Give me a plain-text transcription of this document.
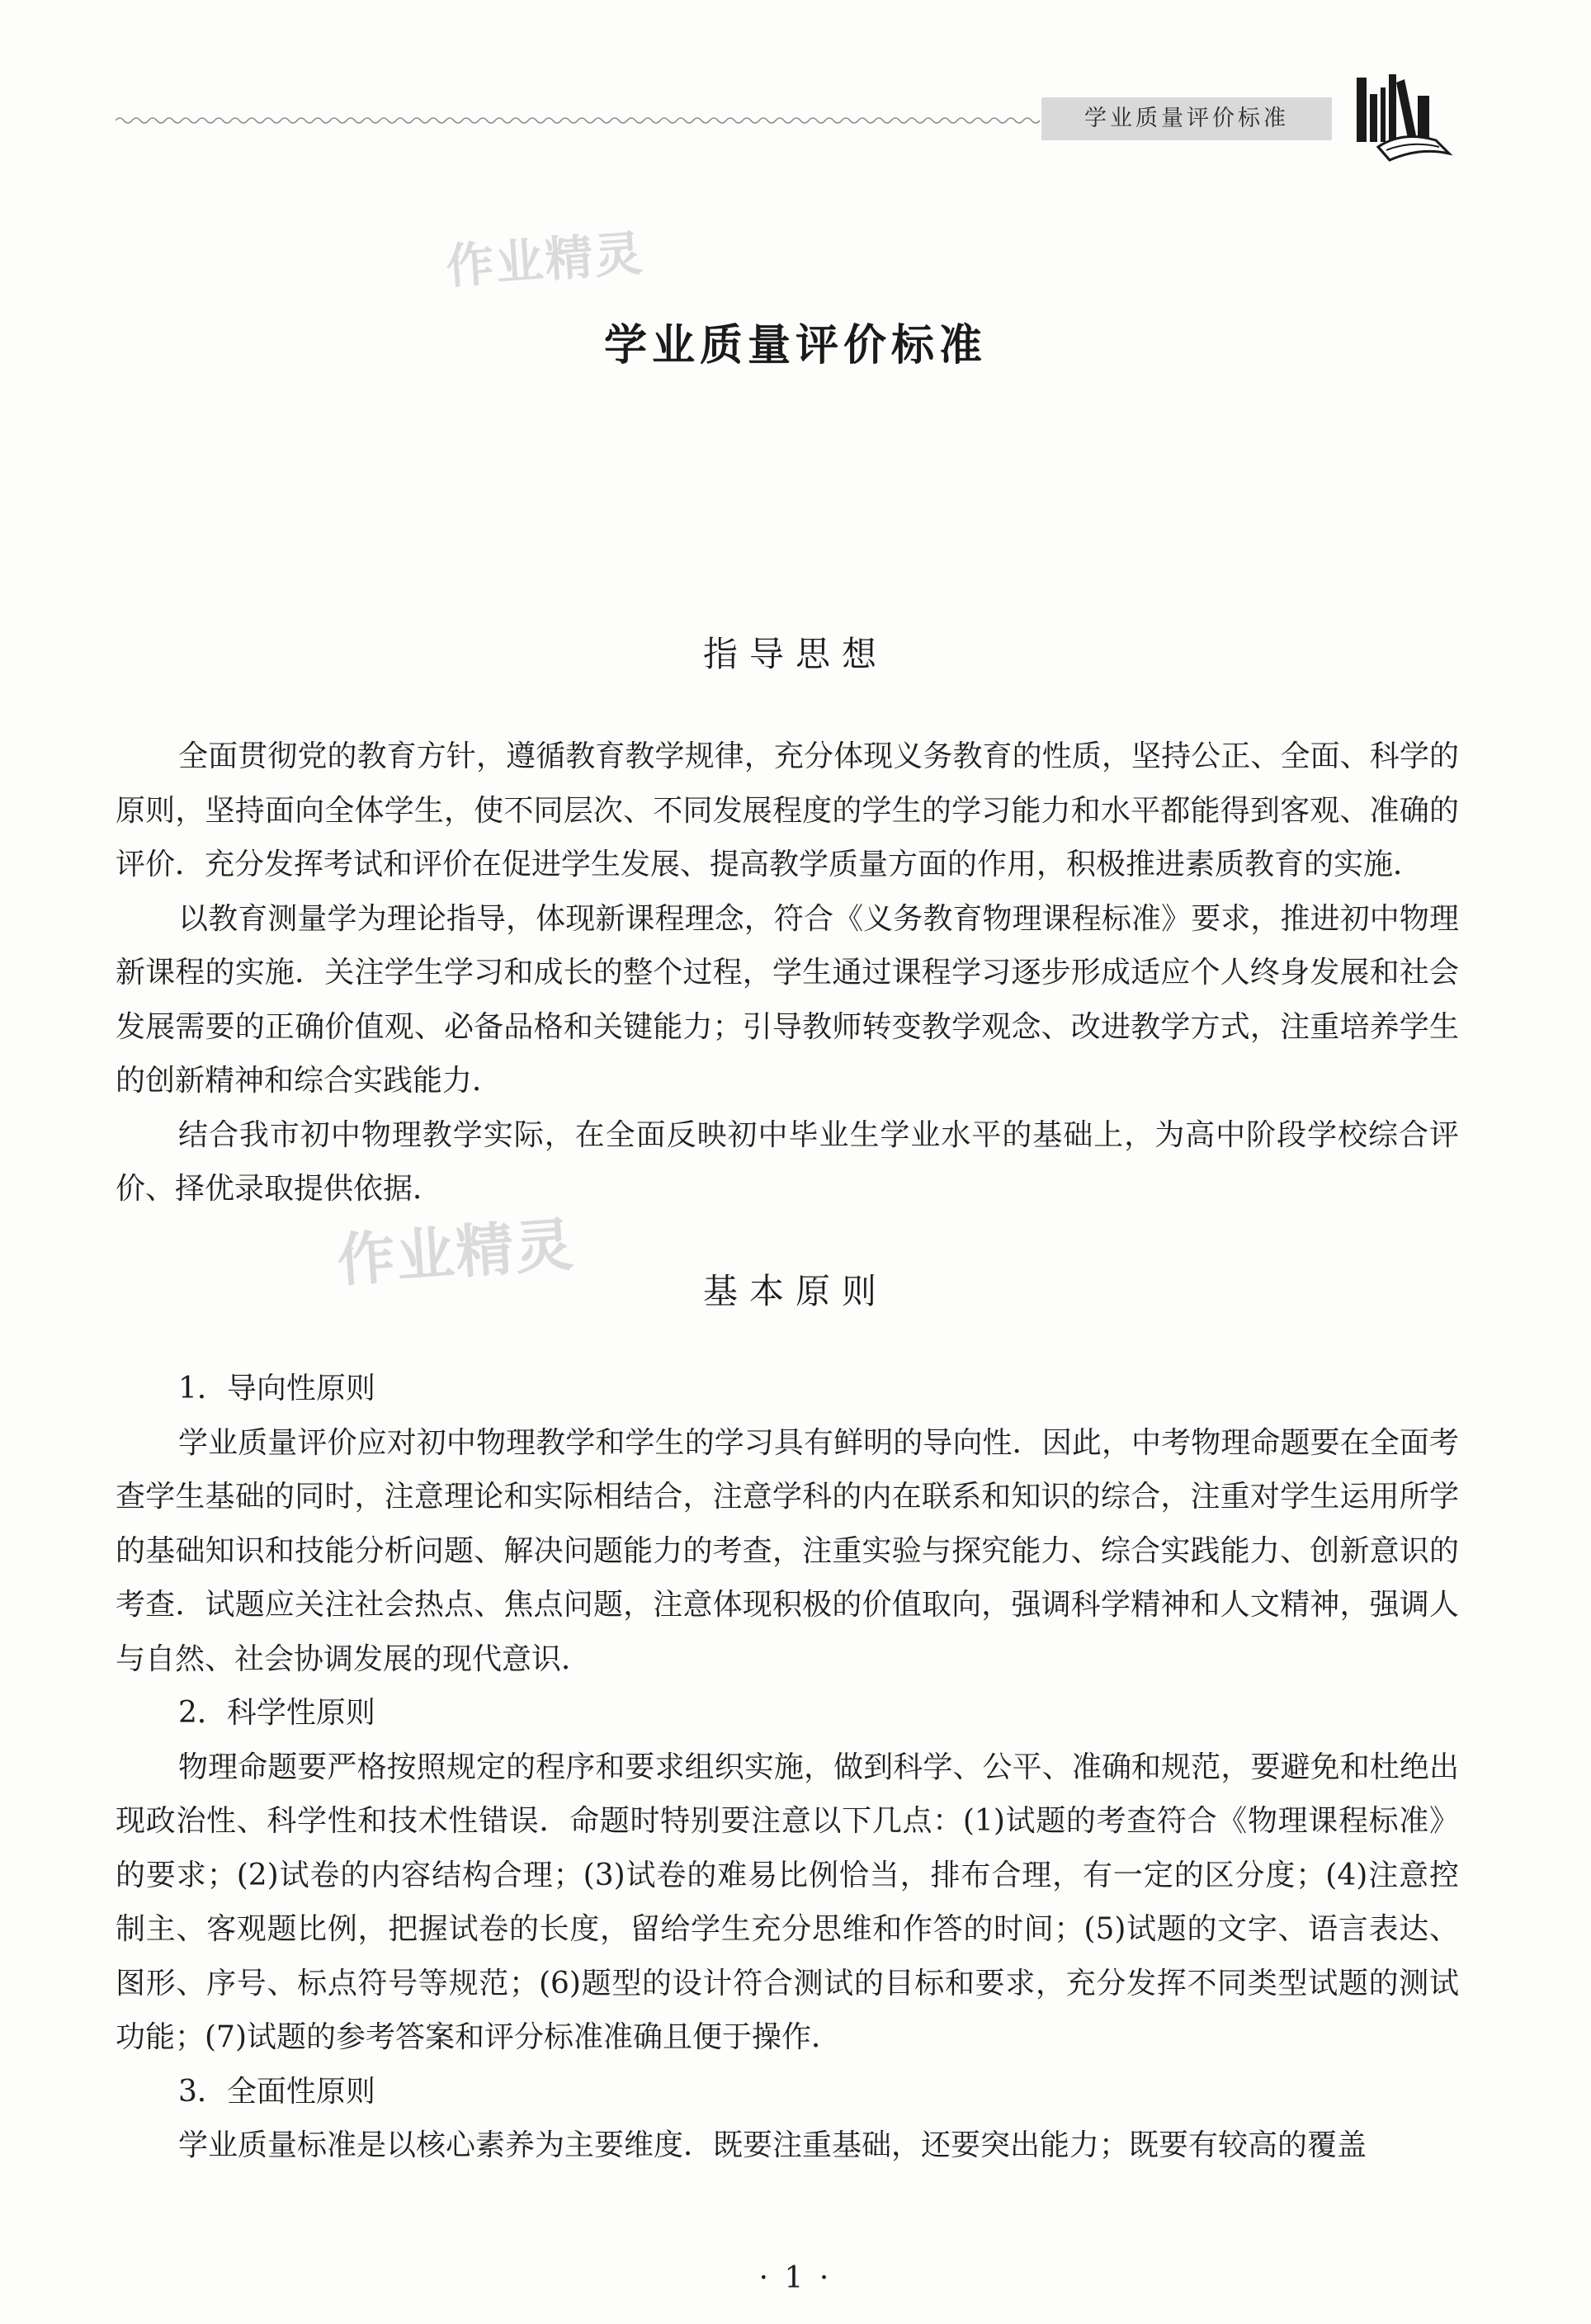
学业质量评价标准
作业精灵
作业精灵
学业质量评价标准
指导思想

全面贯彻党的教育方针，遵循教育教学规律，充分体现义务教育的性质，坚持公正、全面、科学的原则，坚持面向全体学生，使不同层次、不同发展程度的学生的学习能力和水平都能得到客观、准确的评价．充分发挥考试和评价在促进学生发展、提高教学质量方面的作用，积极推进素质教育的实施．

以教育测量学为理论指导，体现新课程理念，符合《义务教育物理课程标准》要求，推进初中物理新课程的实施．关注学生学习和成长的整个过程，学生通过课程学习逐步形成适应个人终身发展和社会发展需要的正确价值观、必备品格和关键能力；引导教师转变教学观念、改进教学方式，注重培养学生的创新精神和综合实践能力．

结合我市初中物理教学实际，在全面反映初中毕业生学业水平的基础上，为高中阶段学校综合评价、择优录取提供依据．

基本原则

1．导向性原则

学业质量评价应对初中物理教学和学生的学习具有鲜明的导向性．因此，中考物理命题要在全面考查学生基础的同时，注意理论和实际相结合，注意学科的内在联系和知识的综合，注重对学生运用所学的基础知识和技能分析问题、解决问题能力的考查，注重实验与探究能力、综合实践能力、创新意识的考查．试题应关注社会热点、焦点问题，注意体现积极的价值取向，强调科学精神和人文精神，强调人与自然、社会协调发展的现代意识．

2．科学性原则

物理命题要严格按照规定的程序和要求组织实施，做到科学、公平、准确和规范，要避免和杜绝出现政治性、科学性和技术性错误．命题时特别要注意以下几点：(1)试题的考查符合《物理课程标准》的要求；(2)试卷的内容结构合理；(3)试卷的难易比例恰当，排布合理，有一定的区分度；(4)注意控制主、客观题比例，把握试卷的长度，留给学生充分思维和作答的时间；(5)试题的文字、语言表达、图形、序号、标点符号等规范；(6)题型的设计符合测试的目标和要求，充分发挥不同类型试题的测试功能；(7)试题的参考答案和评分标准准确且便于操作．

3．全面性原则

学业质量标准是以核心素养为主要维度．既要注重基础，还要突出能力；既要有较高的覆盖

· 1 ·
